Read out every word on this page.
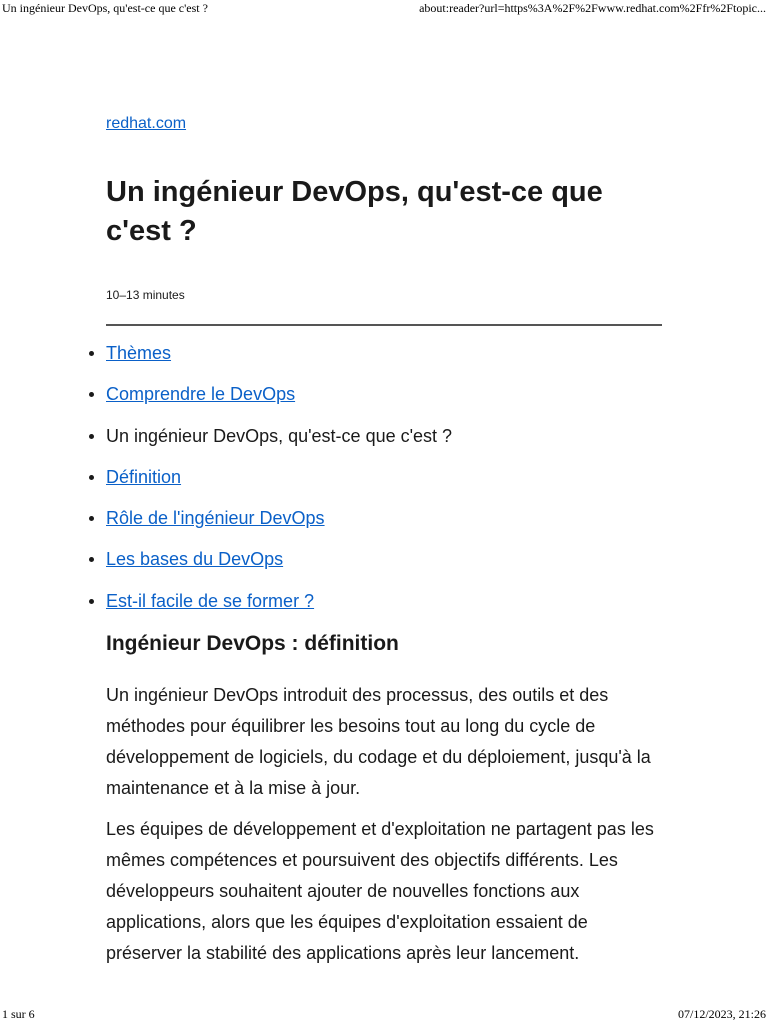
Un ingénieur DevOps, qu'est-ce que c'est ?	about:reader?url=https%3A%2F%2Fwww.redhat.com%2Ffr%2Ftopic...
redhat.com
Un ingénieur DevOps, qu'est-ce que c'est ?
10–13 minutes
Thèmes
Comprendre le DevOps
Un ingénieur DevOps, qu'est-ce que c'est ?
Définition
Rôle de l'ingénieur DevOps
Les bases du DevOps
Est-il facile de se former ?
Ingénieur DevOps : définition

Un ingénieur DevOps introduit des processus, des outils et des méthodes pour équilibrer les besoins tout au long du cycle de développement de logiciels, du codage et du déploiement, jusqu'à la maintenance et à la mise à jour.

Les équipes de développement et d'exploitation ne partagent pas les mêmes compétences et poursuivent des objectifs différents. Les développeurs souhaitent ajouter de nouvelles fonctions aux applications, alors que les équipes d'exploitation essaient de préserver la stabilité des applications après leur lancement.

1 sur 6	07/12/2023, 21:26
